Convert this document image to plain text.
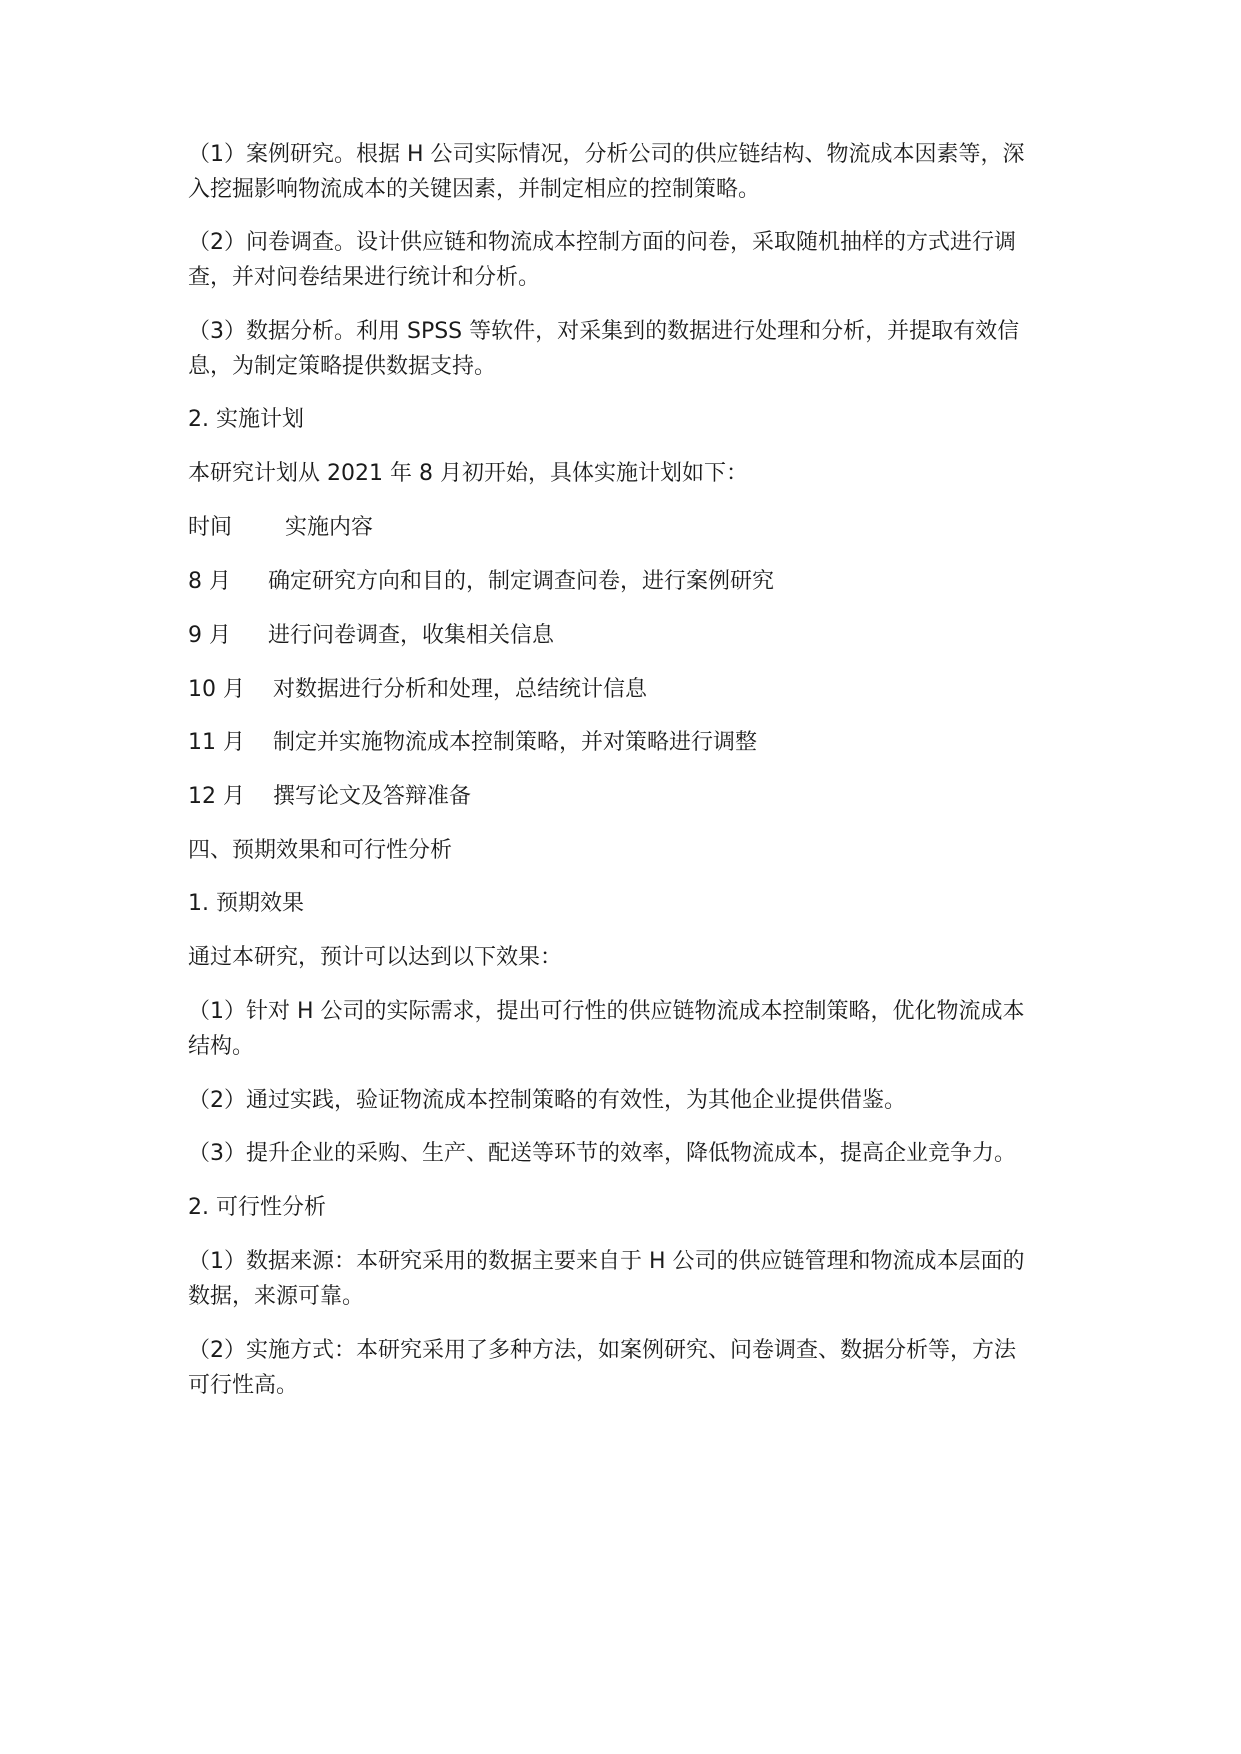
（1）案例研究。根据 H 公司实际情况，分析公司的供应链结构、物流成本因素等，深
入挖掘影响物流成本的关键因素，并制定相应的控制策略。
（2）问卷调查。设计供应链和物流成本控制方面的问卷，采取随机抽样的方式进行调
查，并对问卷结果进行统计和分析。
（3）数据分析。利用 SPSS 等软件，对采集到的数据进行处理和分析，并提取有效信
息，为制定策略提供数据支持。
2. 实施计划
本研究计划从 2021 年 8 月初开始，具体实施计划如下：
时间 实施内容
8 月 确定研究方向和目的，制定调查问卷，进行案例研究
9 月 进行问卷调查，收集相关信息
10 月 对数据进行分析和处理，总结统计信息
11 月 制定并实施物流成本控制策略，并对策略进行调整
12 月 撰写论文及答辩准备
四、预期效果和可行性分析
1. 预期效果
通过本研究，预计可以达到以下效果：
（1）针对 H 公司的实际需求，提出可行性的供应链物流成本控制策略，优化物流成本
结构。
（2）通过实践，验证物流成本控制策略的有效性，为其他企业提供借鉴。
（3）提升企业的采购、生产、配送等环节的效率，降低物流成本，提高企业竞争力。
2. 可行性分析
（1）数据来源：本研究采用的数据主要来自于 H 公司的供应链管理和物流成本层面的
数据，来源可靠。
（2）实施方式：本研究采用了多种方法，如案例研究、问卷调查、数据分析等，方法
可行性高。
